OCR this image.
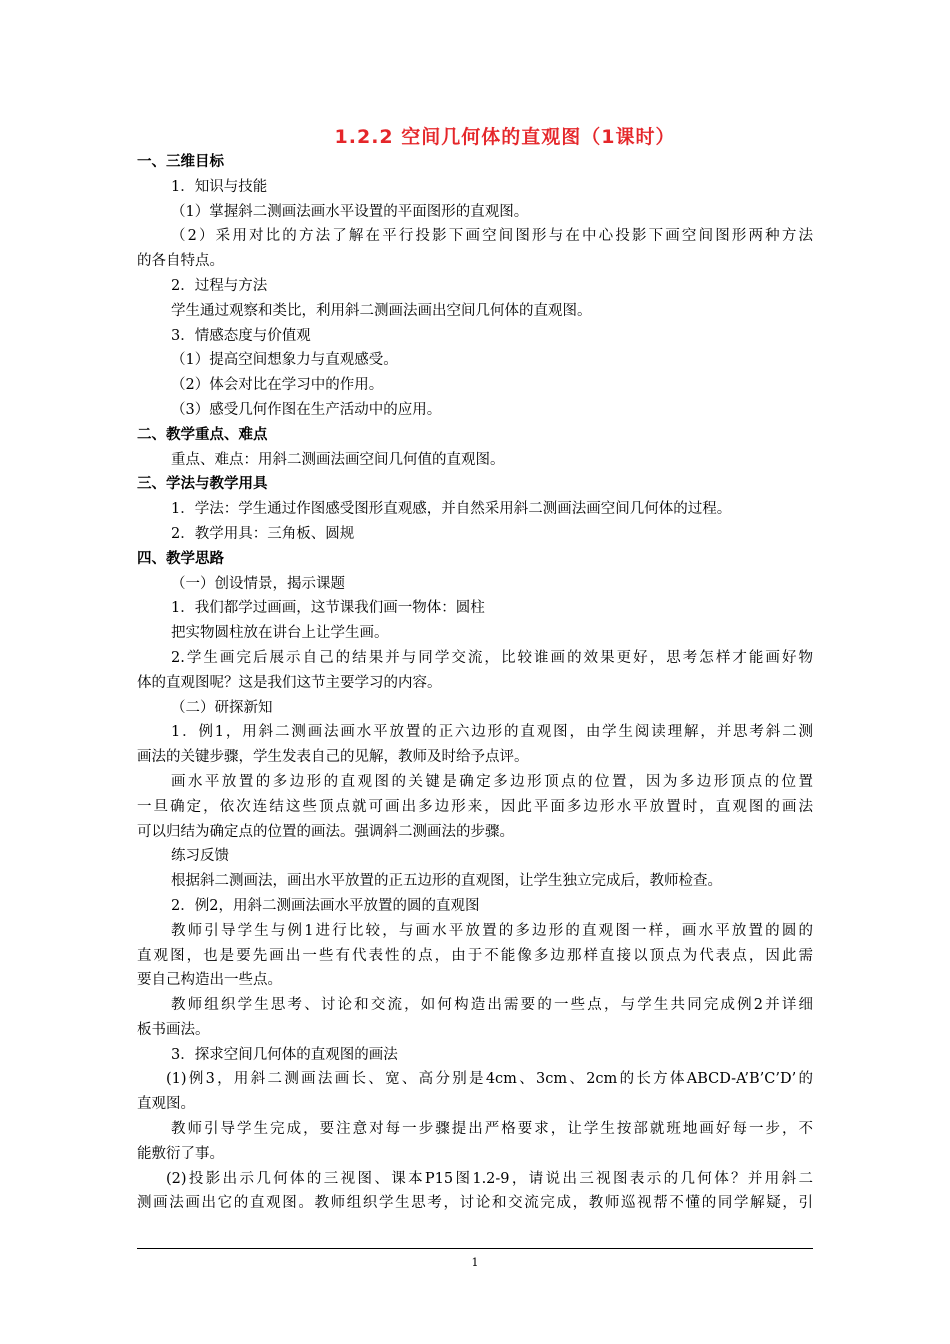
1.2.2 空间几何体的直观图（1课时）
一、三维目标
1．知识与技能
（1）掌握斜二测画法画水平设置的平面图形的直观图。
（2）采用对比的方法了解在平行投影下画空间图形与在中心投影下画空间图形两种方法
的各自特点。
2．过程与方法
学生通过观察和类比，利用斜二测画法画出空间几何体的直观图。
3．情感态度与价值观
（1）提高空间想象力与直观感受。
（2）体会对比在学习中的作用。
（3）感受几何作图在生产活动中的应用。
二、教学重点、难点
重点、难点：用斜二测画法画空间几何值的直观图。
三、学法与教学用具
1．学法：学生通过作图感受图形直观感，并自然采用斜二测画法画空间几何体的过程。
2．教学用具：三角板、圆规
四、教学思路
（一）创设情景，揭示课题
1．我们都学过画画，这节课我们画一物体：圆柱
把实物圆柱放在讲台上让学生画。
2.学生画完后展示自己的结果并与同学交流，比较谁画的效果更好，思考怎样才能画好物
体的直观图呢？这是我们这节主要学习的内容。
（二）研探新知
1．例1，用斜二测画法画水平放置的正六边形的直观图，由学生阅读理解，并思考斜二测
画法的关键步骤，学生发表自己的见解，教师及时给予点评。
画水平放置的多边形的直观图的关键是确定多边形顶点的位置，因为多边形顶点的位置
一旦确定，依次连结这些顶点就可画出多边形来，因此平面多边形水平放置时，直观图的画法
可以归结为确定点的位置的画法。强调斜二测画法的步骤。
练习反馈
根据斜二测画法，画出水平放置的正五边形的直观图，让学生独立完成后，教师检查。
2．例2，用斜二测画法画水平放置的圆的直观图
教师引导学生与例1进行比较，与画水平放置的多边形的直观图一样，画水平放置的圆的
直观图，也是要先画出一些有代表性的点，由于不能像多边那样直接以顶点为代表点，因此需
要自己构造出一些点。
教师组织学生思考、讨论和交流，如何构造出需要的一些点，与学生共同完成例2并详细
板书画法。
3．探求空间几何体的直观图的画法
(1)例3，用斜二测画法画长、宽、高分别是4cm、3cm、2cm的长方体ABCD-A’B’C’D’的
直观图。
教师引导学生完成，要注意对每一步骤提出严格要求，让学生按部就班地画好每一步，不
能敷衍了事。
(2)投影出示几何体的三视图、课本P15图1.2-9，请说出三视图表示的几何体？并用斜二
测画法画出它的直观图。教师组织学生思考，讨论和交流完成，教师巡视帮不懂的同学解疑，引
1
